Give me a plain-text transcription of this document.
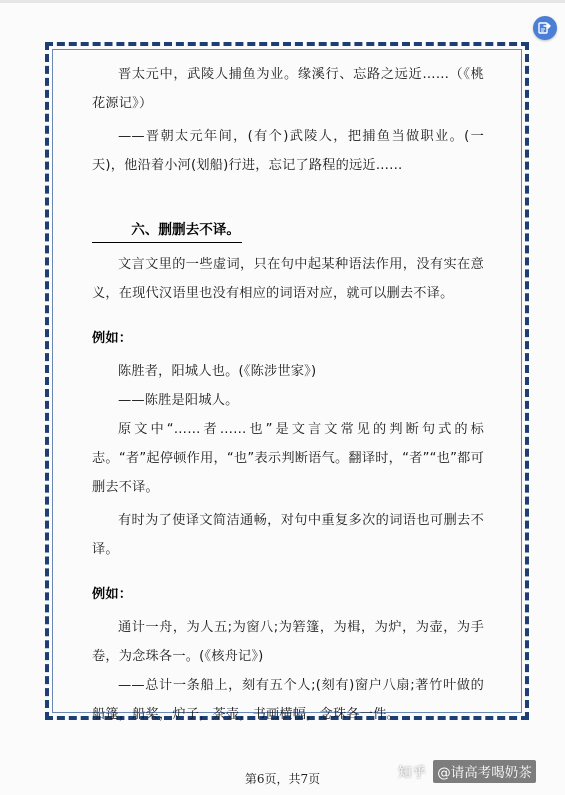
晋太元中，武陵人捕鱼为业。缘溪行、忘路之远近……（《桃花源记》）

——晋朝太元年间，(有个)武陵人，把捕鱼当做职业。(一天)，他沿着小河(划船)行进，忘记了路程的远近……

六、删删去不译。

文言文里的一些虚词，只在句中起某种语法作用，没有实在意义，在现代汉语里也没有相应的词语对应，就可以删去不译。

例如：

陈胜者，阳城人也。(《陈涉世家》)

——陈胜是阳城人。

原文中“……者……也”是文言文常见的判断句式的标志。“者”起停顿作用，“也”表示判断语气。翻译时，“者”“也”都可删去不译。

有时为了使译文简洁通畅，对句中重复多次的词语也可删去不译。

例如：

通计一舟，为人五;为窗八;为箬篷，为楫，为炉，为壶，为手卷，为念珠各一。(《核舟记》)

——总计一条船上，刻有五个人;(刻有)窗户八扇;著竹叶做的船篷，船桨，炉子，茶壶，书画横幅，念珠各一件。

第6页，共7页	知乎 @请高考喝奶茶
